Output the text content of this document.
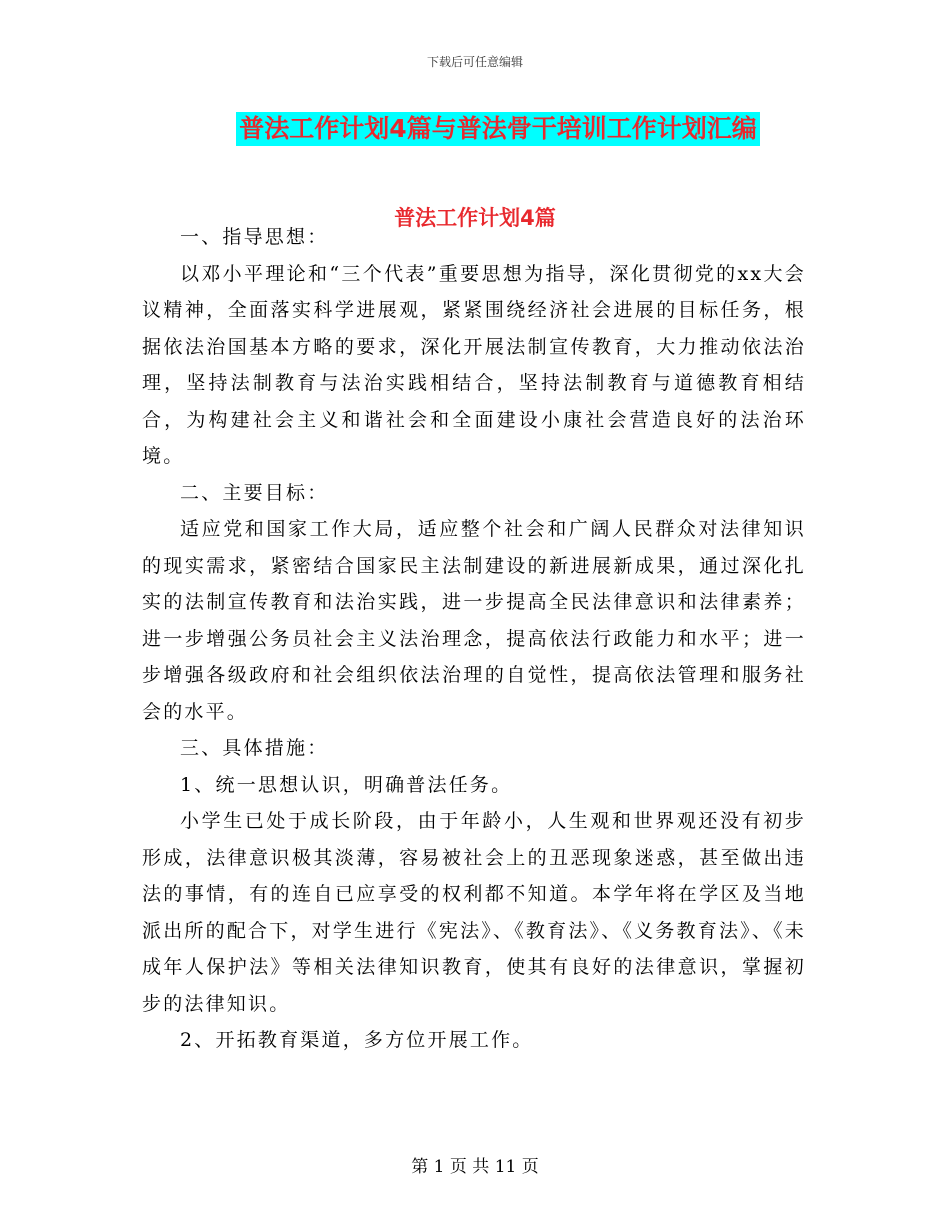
下载后可任意编辑
普法工作计划4篇与普法骨干培训工作计划汇编
普法工作计划4篇

一、指导思想：

以邓小平理论和“三个代表”重要思想为指导，深化贯彻党的xx大会议精神，全面落实科学进展观，紧紧围绕经济社会进展的目标任务，根据依法治国基本方略的要求，深化开展法制宣传教育，大力推动依法治理，坚持法制教育与法治实践相结合，坚持法制教育与道德教育相结合，为构建社会主义和谐社会和全面建设小康社会营造良好的法治环境。

二、主要目标：

适应党和国家工作大局，适应整个社会和广阔人民群众对法律知识的现实需求，紧密结合国家民主法制建设的新进展新成果，通过深化扎实的法制宣传教育和法治实践，进一步提高全民法律意识和法律素养；进一步增强公务员社会主义法治理念，提高依法行政能力和水平；进一步增强各级政府和社会组织依法治理的自觉性，提高依法管理和服务社会的水平。

三、具体措施：

1、统一思想认识，明确普法任务。

小学生已处于成长阶段，由于年龄小，人生观和世界观还没有初步形成，法律意识极其淡薄，容易被社会上的丑恶现象迷惑，甚至做出违法的事情，有的连自已应享受的权利都不知道。本学年将在学区及当地派出所的配合下，对学生进行《宪法》、《教育法》、《义务教育法》、《未成年人保护法》等相关法律知识教育，使其有良好的法律意识，掌握初步的法律知识。

2、开拓教育渠道，多方位开展工作。

第 1 页 共 11 页
